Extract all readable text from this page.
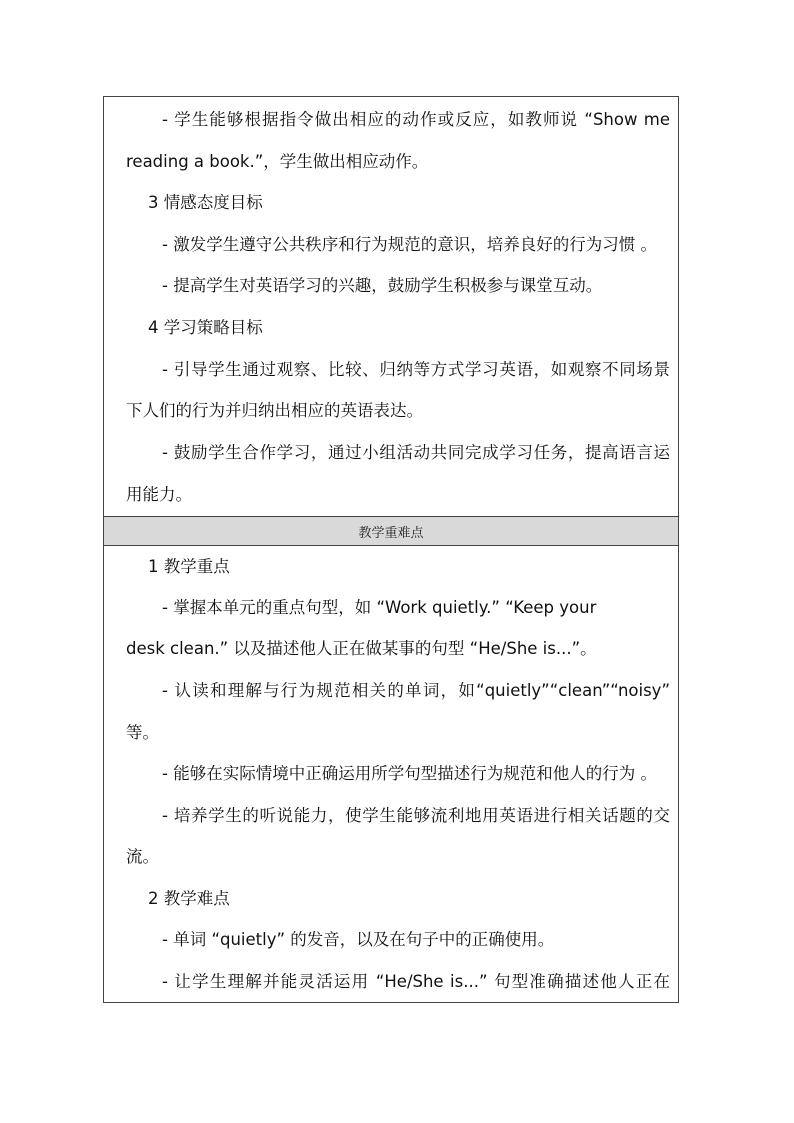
- 学生能够根据指令做出相应的动作或反应，如教师说 “Show me
reading a book.”，学生做出相应动作。
3 情感态度目标
- 激发学生遵守公共秩序和行为规范的意识，培养良好的行为习惯 。
- 提高学生对英语学习的兴趣，鼓励学生积极参与课堂互动。
4 学习策略目标
- 引导学生通过观察、比较、归纳等方式学习英语，如观察不同场景
下人们的行为并归纳出相应的英语表达。
- 鼓励学生合作学习，通过小组活动共同完成学习任务，提高语言运
用能力。
教学重难点
1 教学重点
- 掌握本单元的重点句型，如 “Work quietly.” “Keep your
desk clean.” 以及描述他人正在做某事的句型 “He/She is...”。
- 认读和理解与行为规范相关的单词，如“quietly”“clean”“noisy”
等。
- 能够在实际情境中正确运用所学句型描述行为规范和他人的行为 。
- 培养学生的听说能力，使学生能够流利地用英语进行相关话题的交
流。
2 教学难点
- 单词 “quietly” 的发音，以及在句子中的正确使用。
- 让学生理解并能灵活运用 “He/She is...” 句型准确描述他人正在
